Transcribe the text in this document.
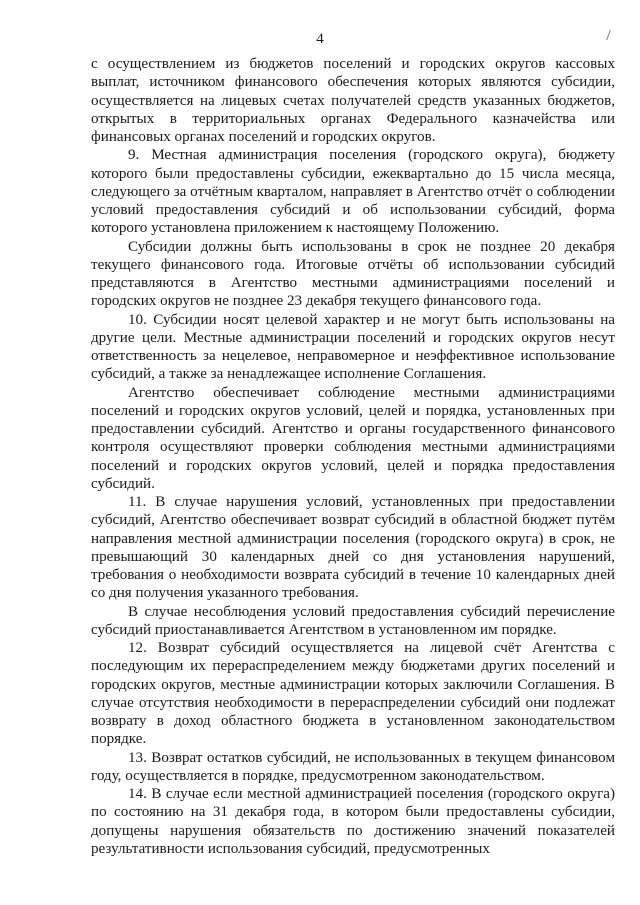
4

с осуществлением из бюджетов поселений и городских округов кассовых выплат, источником финансового обеспечения которых являются субсидии, осуществляется на лицевых счетах получателей средств указанных бюджетов, открытых в территориальных органах Федерального казначейства или финансовых органах поселений и городских округов.

9. Местная администрация поселения (городского округа), бюджету которого были предоставлены субсидии, ежеквартально до 15 числа месяца, следующего за отчётным кварталом, направляет в Агентство отчёт о соблюдении условий предоставления субсидий и об использовании субсидий, форма которого установлена приложением к настоящему Положению.

Субсидии должны быть использованы в срок не позднее 20 декабря текущего финансового года. Итоговые отчёты об использовании субсидий представляются в Агентство местными администрациями поселений и городских округов не позднее 23 декабря текущего финансового года.

10. Субсидии носят целевой характер и не могут быть использованы на другие цели. Местные администрации поселений и городских округов несут ответственность за нецелевое, неправомерное и неэффективное использование субсидий, а также за ненадлежащее исполнение Соглашения.

Агентство обеспечивает соблюдение местными администрациями поселений и городских округов условий, целей и порядка, установленных при предоставлении субсидий. Агентство и органы государственного финансового контроля осуществляют проверки соблюдения местными администрациями поселений и городских округов условий, целей и порядка предоставления субсидий.

11. В случае нарушения условий, установленных при предоставлении субсидий, Агентство обеспечивает возврат субсидий в областной бюджет путём направления местной администрации поселения (городского округа) в срок, не превышающий 30 календарных дней со дня установления нарушений, требования о необходимости возврата субсидий в течение 10 календарных дней со дня получения указанного требования.

В случае несоблюдения условий предоставления субсидий перечисление субсидий приостанавливается Агентством в установленном им порядке.

12. Возврат субсидий осуществляется на лицевой счёт Агентства с последующим их перераспределением между бюджетами других поселений и городских округов, местные администрации которых заключили Соглашения. В случае отсутствия необходимости в перераспределении субсидий они подлежат возврату в доход областного бюджета в установленном законодательством порядке.

13. Возврат остатков субсидий, не использованных в текущем финансовом году, осуществляется в порядке, предусмотренном законодательством.

14. В случае если местной администрацией поселения (городского округа) по состоянию на 31 декабря года, в котором были предоставлены субсидии, допущены нарушения обязательств по достижению значений показателей результативности использования субсидий, предусмотренных
